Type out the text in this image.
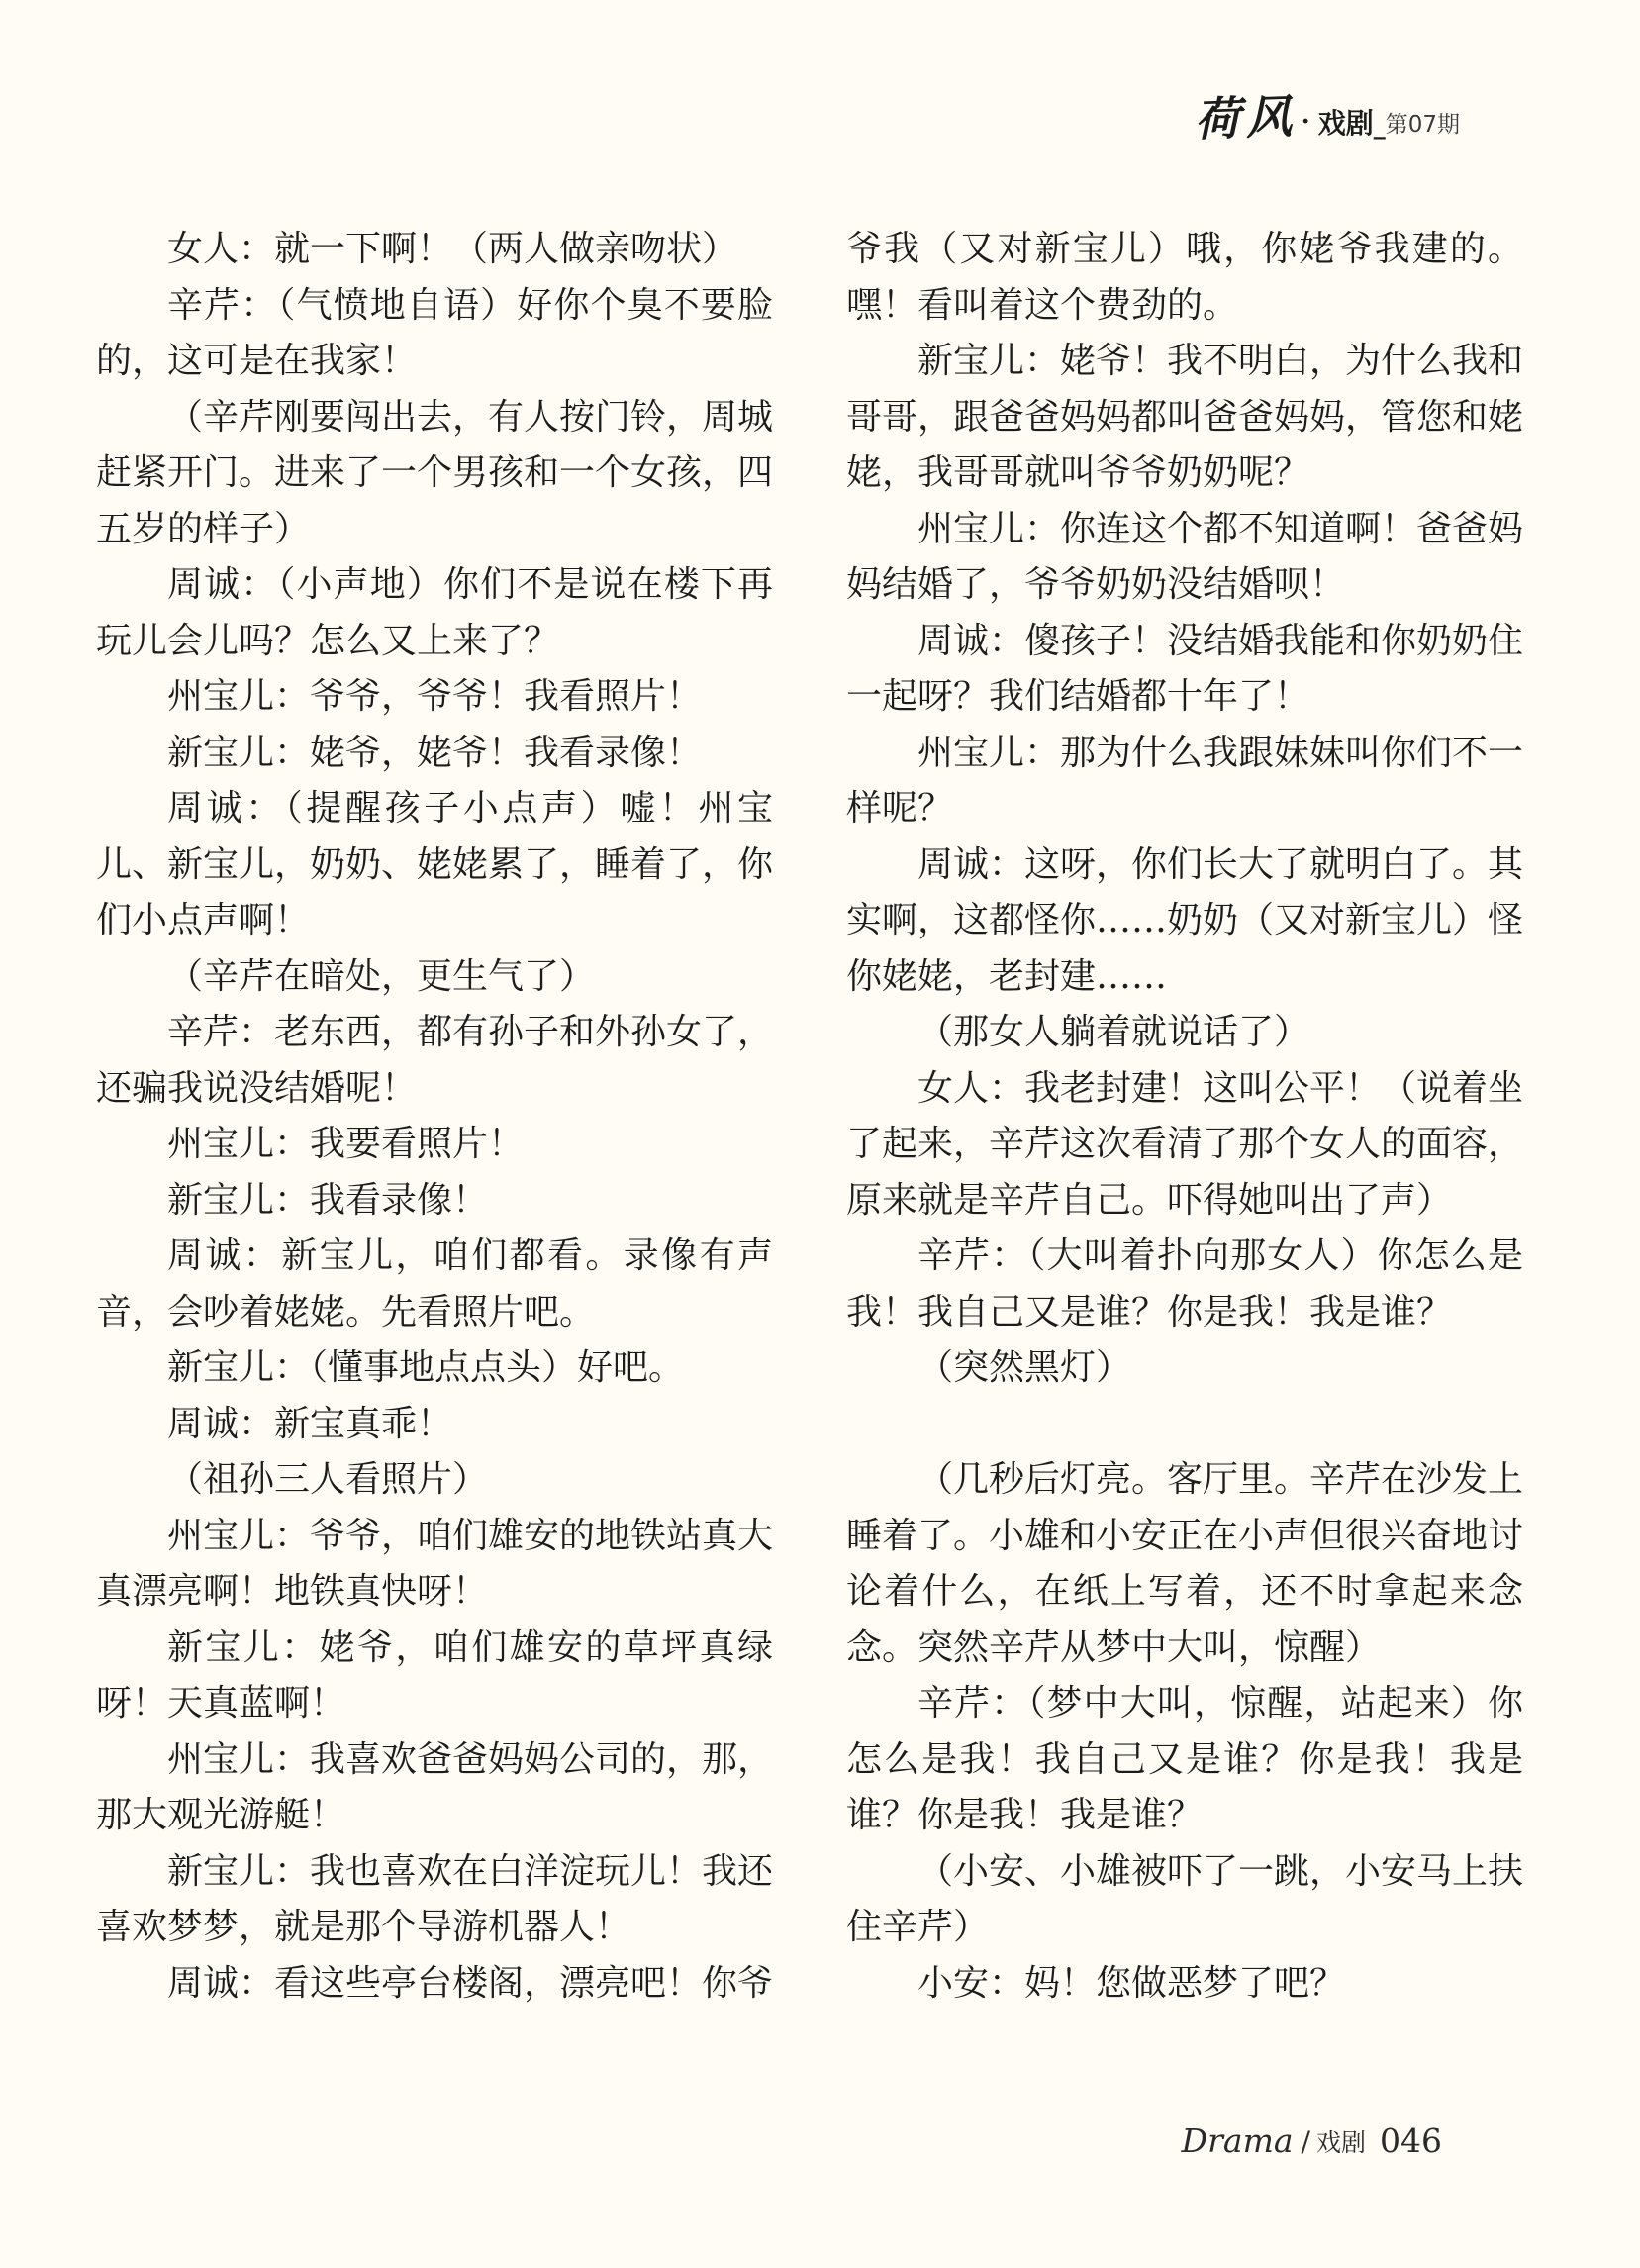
荷风 · 戏剧 _ 第07期

女人：就一下啊！（两人做亲吻状）

辛芹：（气愤地自语）好你个臭不要脸的，这可是在我家！

（辛芹刚要闯出去，有人按门铃，周城赶紧开门。进来了一个男孩和一个女孩，四五岁的样子）

周诚：（小声地）你们不是说在楼下再玩儿会儿吗？怎么又上来了？

州宝儿：爷爷，爷爷！我看照片！

新宝儿：姥爷，姥爷！我看录像！

周诚：（提醒孩子小点声）嘘！州宝儿、新宝儿，奶奶、姥姥累了，睡着了，你们小点声啊！

（辛芹在暗处，更生气了）

辛芹：老东西，都有孙子和外孙女了，还骗我说没结婚呢！

州宝儿：我要看照片！

新宝儿：我看录像！

周诚：新宝儿，咱们都看。录像有声音，会吵着姥姥。先看照片吧。

新宝儿：（懂事地点点头）好吧。

周诚：新宝真乖！

（祖孙三人看照片）

州宝儿：爷爷，咱们雄安的地铁站真大真漂亮啊！地铁真快呀！

新宝儿：姥爷，咱们雄安的草坪真绿呀！天真蓝啊！

州宝儿：我喜欢爸爸妈妈公司的，那，那大观光游艇！

新宝儿：我也喜欢在白洋淀玩儿！我还喜欢梦梦，就是那个导游机器人！

周诚：看这些亭台楼阁，漂亮吧！你爷

爷我（又对新宝儿）哦，你姥爷我建的。嘿！看叫着这个费劲的。

新宝儿：姥爷！我不明白，为什么我和哥哥，跟爸爸妈妈都叫爸爸妈妈，管您和姥姥，我哥哥就叫爷爷奶奶呢？

州宝儿：你连这个都不知道啊！爸爸妈妈结婚了，爷爷奶奶没结婚呗！

周诚：傻孩子！没结婚我能和你奶奶住一起呀？我们结婚都十年了！

州宝儿：那为什么我跟妹妹叫你们不一样呢？

周诚：这呀，你们长大了就明白了。其实啊，这都怪你……奶奶（又对新宝儿）怪你姥姥，老封建……

（那女人躺着就说话了）

女人：我老封建！这叫公平！（说着坐了起来，辛芹这次看清了那个女人的面容，原来就是辛芹自己。吓得她叫出了声）

辛芹：（大叫着扑向那女人）你怎么是我！我自己又是谁？你是我！我是谁？

（突然黑灯）

（几秒后灯亮。客厅里。辛芹在沙发上睡着了。小雄和小安正在小声但很兴奋地讨论着什么，在纸上写着，还不时拿起来念念。突然辛芹从梦中大叫，惊醒）

辛芹：（梦中大叫，惊醒，站起来）你怎么是我！我自己又是谁？你是我！我是谁？你是我！我是谁？

（小安、小雄被吓了一跳，小安马上扶住辛芹）

小安：妈！您做恶梦了吧？

Drama / 戏剧 046
